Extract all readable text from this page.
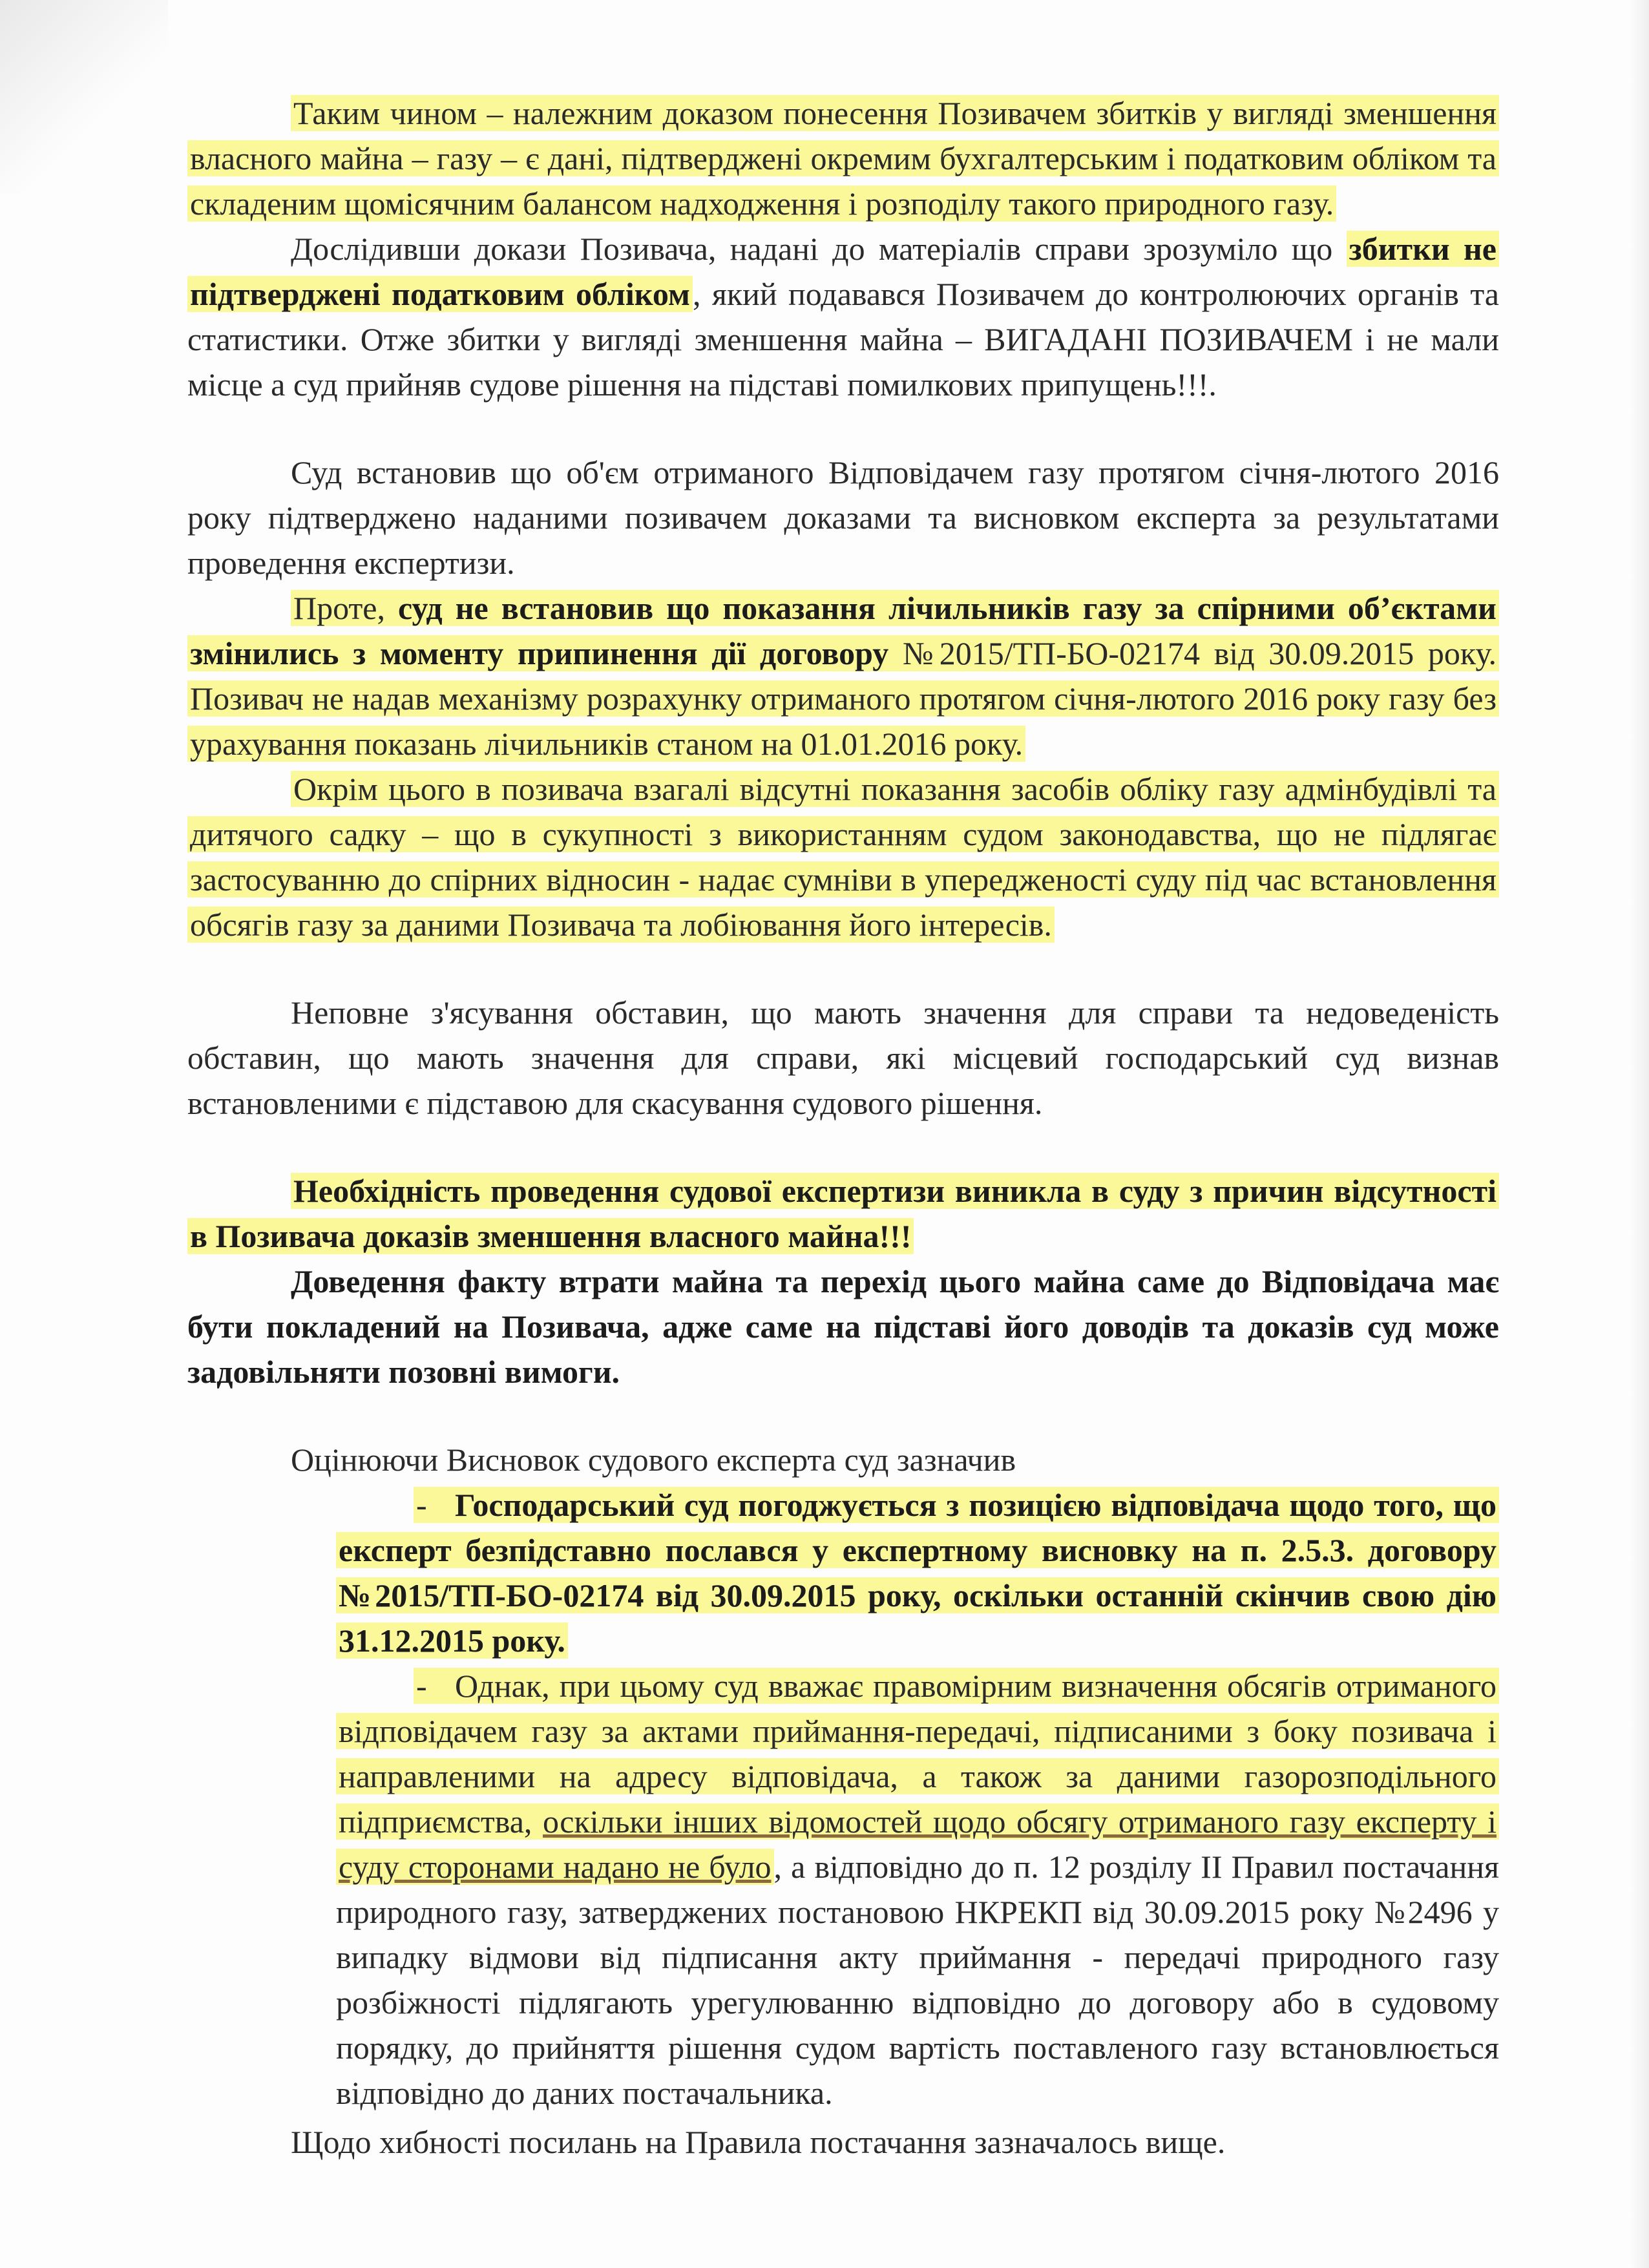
Таким чином – належним доказом понесення Позивачем збитків у вигляді зменшення власного майна – газу – є дані, підтверджені окремим бухгалтерським і податковим обліком та складеним щомісячним балансом надходження і розподілу такого природного газу.

Дослідивши докази Позивача, надані до матеріалів справи зрозуміло що збитки не підтверджені податковим обліком, який подавався Позивачем до контролюючих органів та статистики. Отже збитки у вигляді зменшення майна – ВИГАДАНІ ПОЗИВАЧЕМ і не мали місце а суд прийняв судове рішення на підставі помилкових припущень!!!.

Суд встановив що об'єм отриманого Відповідачем газу протягом січня-лютого 2016 року підтверджено наданими позивачем доказами та висновком експерта за результатами проведення експертизи.

Проте, суд не встановив що показання лічильників газу за спірними об’єктами змінились з моменту припинення дії договору №2015/ТП-БО-02174 від 30.09.2015 року. Позивач не надав механізму розрахунку отриманого протягом січня-лютого 2016 року газу без урахування показань лічильників станом на 01.01.2016 року.

Окрім цього в позивача взагалі відсутні показання засобів обліку газу адмінбудівлі та дитячого садку – що в сукупності з використанням судом законодавства, що не підлягає застосуванню до спірних відносин - надає сумніви в упередженості суду під час встановлення обсягів газу за даними Позивача та лобіювання його інтересів.

Неповне з'ясування обставин, що мають значення для справи та недоведеність обставин, що мають значення для справи, які місцевий господарський суд визнав встановленими є підставою для скасування судового рішення.

Необхідність проведення судової експертизи виникла в суду з причин відсутності в Позивача доказів зменшення власного майна!!!

Доведення факту втрати майна та перехід цього майна саме до Відповідача має бути покладений на Позивача, адже саме на підставі його доводів та доказів суд може задовільняти позовні вимоги.

Оцінюючи Висновок судового експерта суд зазначив

- Господарський суд погоджується з позицією відповідача щодо того, що експерт безпідставно послався у експертному висновку на п. 2.5.3. договору №2015/ТП-БО-02174 від 30.09.2015 року, оскільки останній скінчив свою дію 31.12.2015 року.

- Однак, при цьому суд вважає правомірним визначення обсягів отриманого відповідачем газу за актами приймання-передачі, підписаними з боку позивача і направленими на адресу відповідача, а також за даними газорозподільного підприємства, оскільки інших відомостей щодо обсягу отриманого газу експерту і суду сторонами надано не було, а відповідно до п. 12 розділу II Правил постачання природного газу, затверджених постановою НКРЕКП від 30.09.2015 року №2496 у випадку відмови від підписання акту приймання - передачі природного газу розбіжності підлягають урегулюванню відповідно до договору або в судовому порядку, до прийняття рішення судом вартість поставленого газу встановлюється відповідно до даних постачальника.

Щодо хибності посилань на Правила постачання зазначалось вище.
